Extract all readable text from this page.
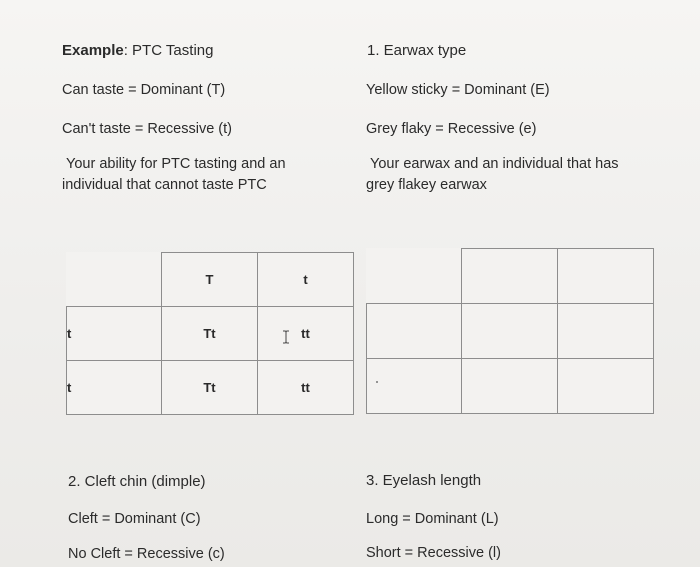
Example: PTC Tasting
Can taste = Dominant (T)
Can't taste = Recessive (t)
Your ability for PTC tasting and an individual that cannot taste PTC
1. Earwax type
Yellow sticky = Dominant (E)
Grey flaky = Recessive (e)
Your earwax and an individual that has grey flakey earwax
	T	t
t	Tt	tt
t	Tt	tt

2. Cleft chin (dimple)
Cleft = Dominant (C)
No Cleft = Recessive (c)
3. Eyelash length
Long = Dominant (L)
Short = Recessive (l)
